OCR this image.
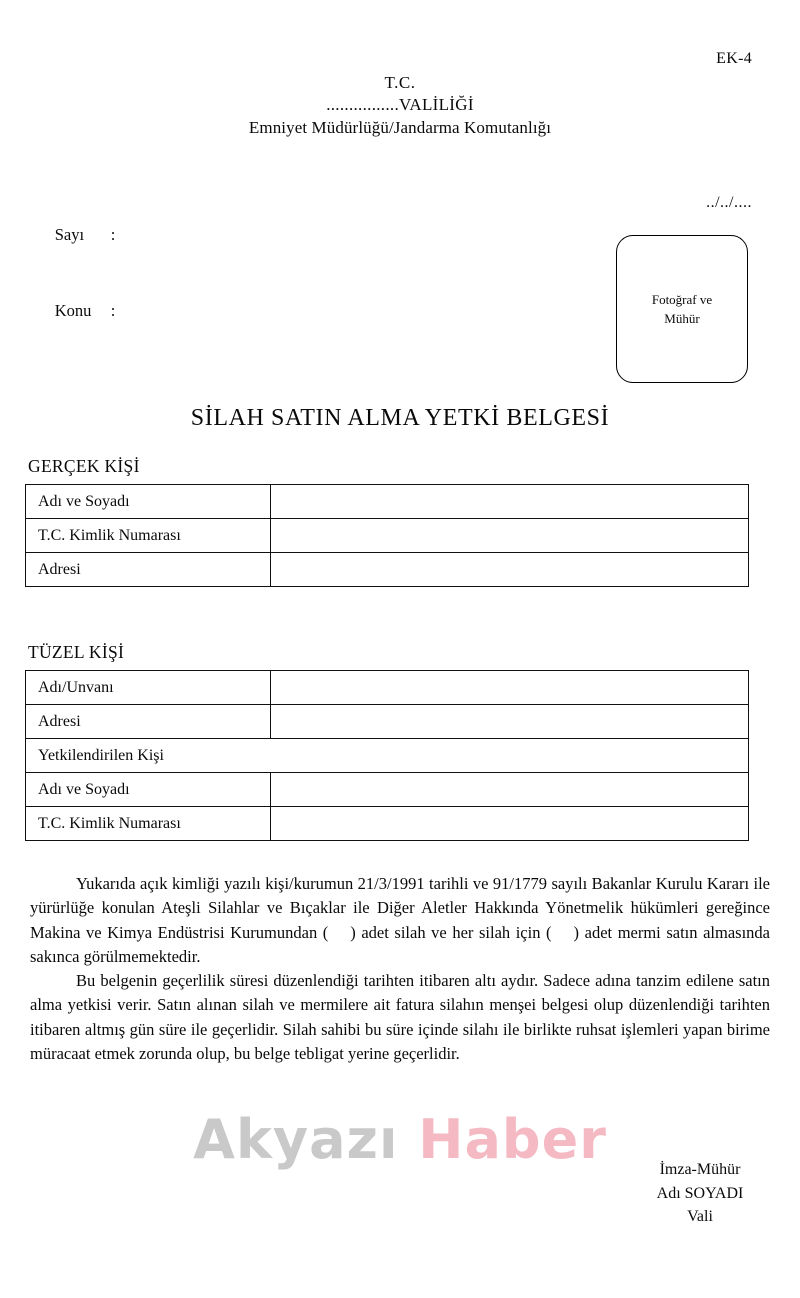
EK-4
T.C.
................VALİLİĞİ
Emniyet Müdürlüğü/Jandarma Komutanlığı

Sayı :

Konu :

../../....
Fotoğraf ve
Mühür
SİLAH SATIN ALMA YETKİ BELGESİ
GERÇEK KİŞİ
Adı ve Soyadı	
T.C. Kimlik Numarası	
Adresi	
TÜZEL KİŞİ
Adı/Unvanı	
Adresi	
Yetkilendirilen Kişi	
Adı ve Soyadı	
T.C. Kimlik Numarası	

Yukarıda açık kimliği yazılı kişi/kurumun 21/3/1991 tarihli ve 91/1779 sayılı Bakanlar Kurulu Kararı ile yürürlüğe konulan Ateşli Silahlar ve Bıçaklar ile Diğer Aletler Hakkında Yönetmelik hükümleri gereğince Makina ve Kimya Endüstrisi Kurumundan ( ) adet silah ve her silah için ( ) adet mermi satın almasında sakınca görülmemektedir.

Bu belgenin geçerlilik süresi düzenlendiği tarihten itibaren altı aydır. Sadece adına tanzim edilene satın alma yetkisi verir. Satın alınan silah ve mermilere ait fatura silahın menşei belgesi olup düzenlendiği tarihten itibaren altmış gün süre ile geçerlidir. Silah sahibi bu süre içinde silahı ile birlikte ruhsat işlemleri yapan birime müracaat etmek zorunda olup, bu belge tebligat yerine geçerlidir.

Akyazı Haber	İmza-Mühür
Adı SOYADI
Vali
